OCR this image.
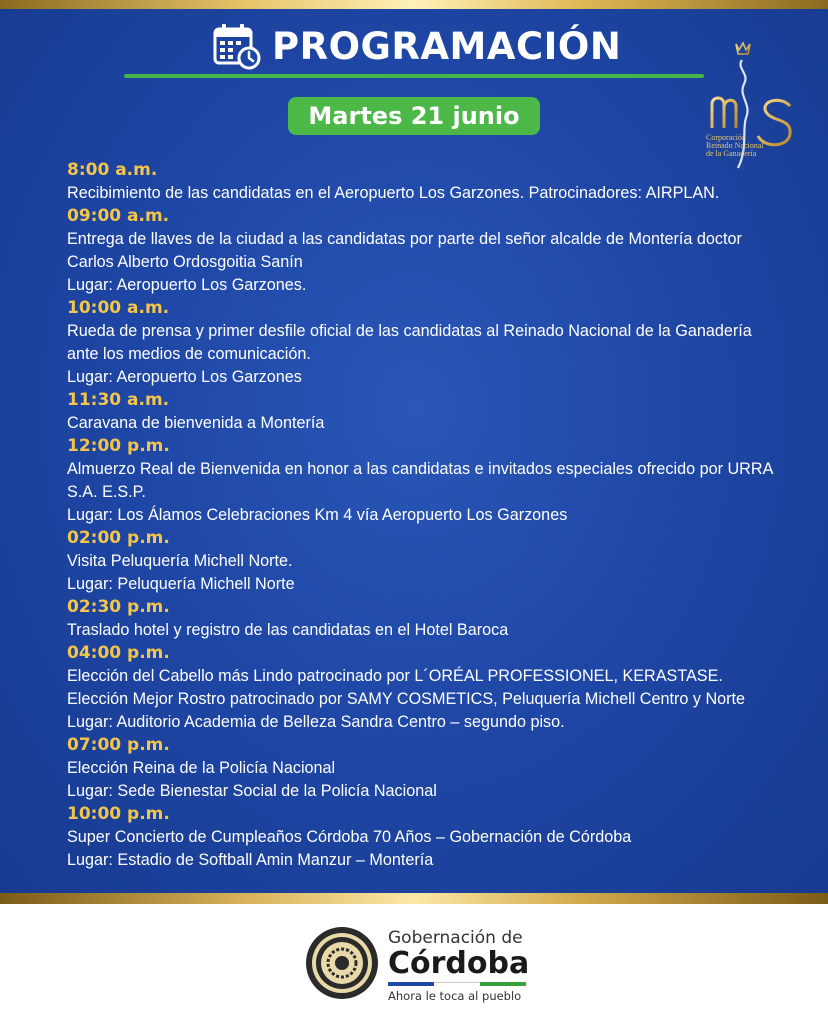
PROGRAMACIÓN
Martes 21 junio
Corporación
Reinado Nacional
de la Ganadería
8:00 a.m.
Recibimiento de las candidatas en el Aeropuerto Los Garzones. Patrocinadores: AIRPLAN.
09:00 a.m.
Entrega de llaves de la ciudad a las candidatas por parte del señor alcalde de Montería doctor
Carlos Alberto Ordosgoitia Sanín
Lugar: Aeropuerto Los Garzones.
10:00 a.m.
Rueda de prensa y primer desfile oficial de las candidatas al Reinado Nacional de la Ganadería
ante los medios de comunicación.
Lugar: Aeropuerto Los Garzones
11:30 a.m.
Caravana de bienvenida a Montería
12:00 p.m.
Almuerzo Real de Bienvenida en honor a las candidatas e invitados especiales ofrecido por URRA
S.A. E.S.P.
Lugar: Los Álamos Celebraciones Km 4 vía Aeropuerto Los Garzones
02:00 p.m.
Visita Peluquería Michell Norte.
Lugar: Peluquería Michell Norte
02:30 p.m.
Traslado hotel y registro de las candidatas en el Hotel Baroca
04:00 p.m.
Elección del Cabello más Lindo patrocinado por L´ORÉAL PROFESSIONEL, KERASTASE.
Elección Mejor Rostro patrocinado por SAMY COSMETICS, Peluquería Michell Centro y Norte
Lugar: Auditorio Academia de Belleza Sandra Centro – segundo piso.
07:00 p.m.
Elección Reina de la Policía Nacional
Lugar: Sede Bienestar Social de la Policía Nacional
10:00 p.m.
Super Concierto de Cumpleaños Córdoba 70 Años – Gobernación de Córdoba
Lugar: Estadio de Softball Amin Manzur – Montería
Gobernación de
Córdoba
Ahora le toca al pueblo
